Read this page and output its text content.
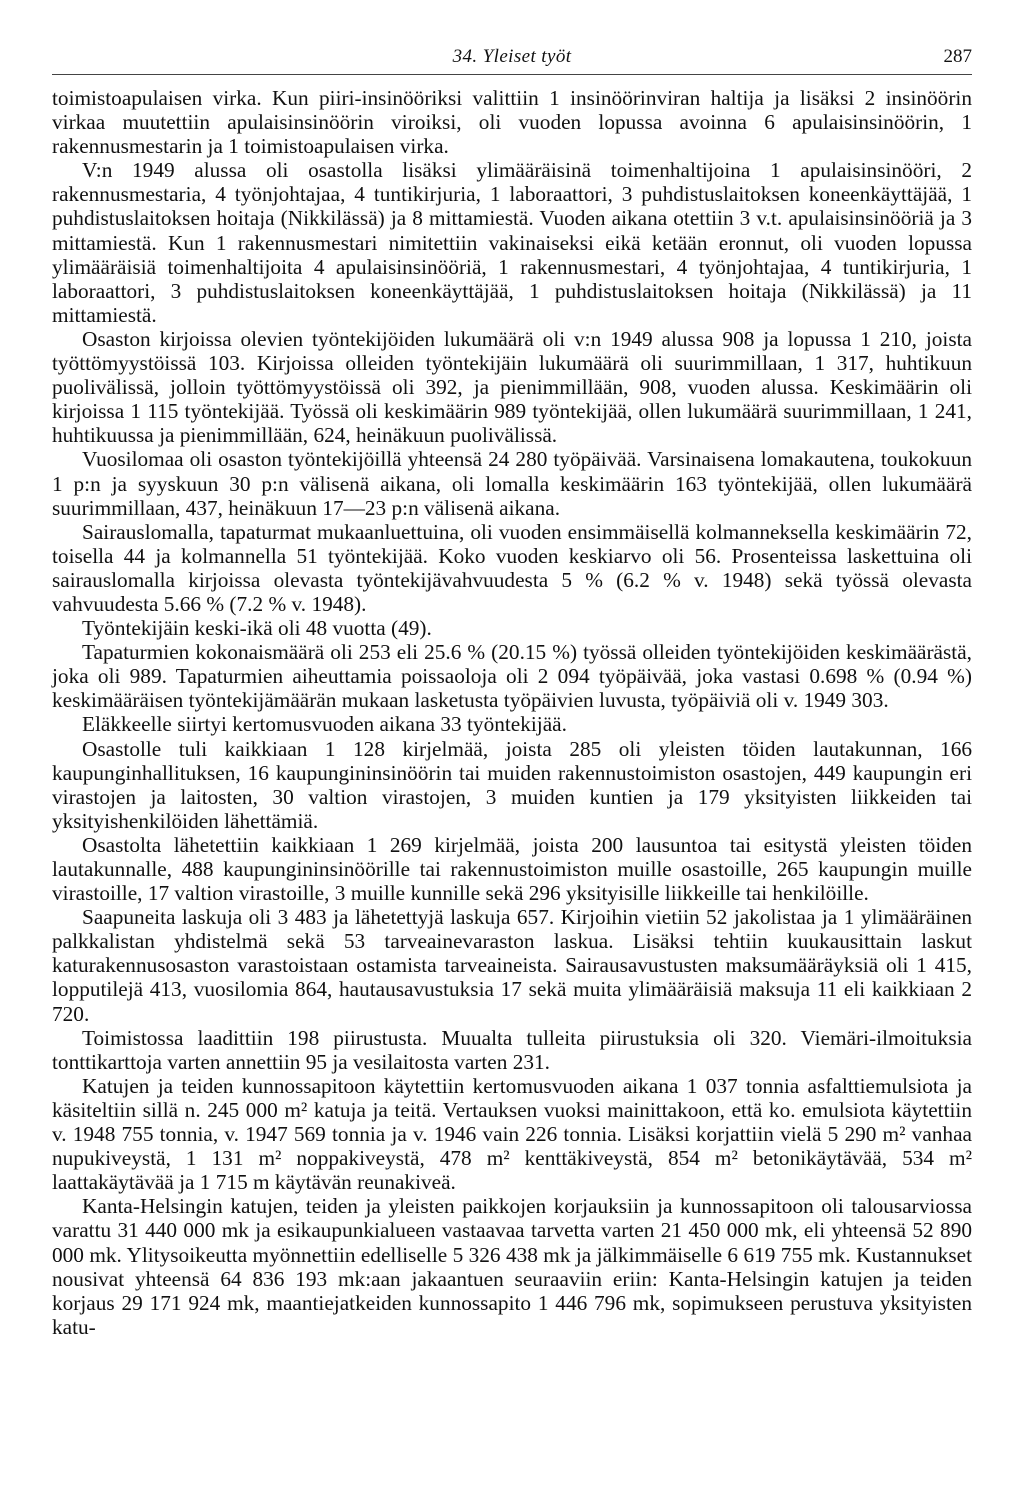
34. Yleiset työt	287

toimistoapulaisen virka. Kun piiri-insinööriksi valittiin 1 insinöörinviran haltija ja lisäksi 2 insinöörin virkaa muutettiin apulaisinsinöörin viroiksi, oli vuoden lopussa avoinna 6 apulaisinsinöörin, 1 rakennusmestarin ja 1 toimistoapulaisen virka.

V:n 1949 alussa oli osastolla lisäksi ylimääräisinä toimenhaltijoina 1 apulaisinsinööri, 2 rakennusmestaria, 4 työnjohtajaa, 4 tuntikirjuria, 1 laboraattori, 3 puhdistuslaitoksen koneenkäyttäjää, 1 puhdistuslaitoksen hoitaja (Nikkilässä) ja 8 mittamiestä. Vuoden aikana otettiin 3 v.t. apulaisinsinööriä ja 3 mittamiestä. Kun 1 rakennusmestari nimitettiin vakinaiseksi eikä ketään eronnut, oli vuoden lopussa ylimääräisiä toimenhaltijoita 4 apulaisinsinööriä, 1 rakennusmestari, 4 työnjohtajaa, 4 tuntikirjuria, 1 laboraattori, 3 puhdistuslaitoksen koneenkäyttäjää, 1 puhdistuslaitoksen hoitaja (Nikkilässä) ja 11 mittamiestä.

Osaston kirjoissa olevien työntekijöiden lukumäärä oli v:n 1949 alussa 908 ja lopussa 1 210, joista työttömyystöissä 103. Kirjoissa olleiden työntekijäin lukumäärä oli suurimmillaan, 1 317, huhtikuun puolivälissä, jolloin työttömyystöissä oli 392, ja pienimmillään, 908, vuoden alussa. Keskimäärin oli kirjoissa 1 115 työntekijää. Työssä oli keskimäärin 989 työntekijää, ollen lukumäärä suurimmillaan, 1 241, huhtikuussa ja pienimmillään, 624, heinäkuun puolivälissä.

Vuosilomaa oli osaston työntekijöillä yhteensä 24 280 työpäivää. Varsinaisena lomakautena, toukokuun 1 p:n ja syyskuun 30 p:n välisenä aikana, oli lomalla keskimäärin 163 työntekijää, ollen lukumäärä suurimmillaan, 437, heinäkuun 17—23 p:n välisenä aikana.

Sairauslomalla, tapaturmat mukaanluettuina, oli vuoden ensimmäisellä kolmanneksella keskimäärin 72, toisella 44 ja kolmannella 51 työntekijää. Koko vuoden keskiarvo oli 56. Prosenteissa laskettuina oli sairauslomalla kirjoissa olevasta työntekijävahvuudesta 5 % (6.2 % v. 1948) sekä työssä olevasta vahvuudesta 5.66 % (7.2 % v. 1948).

Työntekijäin keski-ikä oli 48 vuotta (49).

Tapaturmien kokonaismäärä oli 253 eli 25.6 % (20.15 %) työssä olleiden työntekijöiden keskimäärästä, joka oli 989. Tapaturmien aiheuttamia poissaoloja oli 2 094 työpäivää, joka vastasi 0.698 % (0.94 %) keskimääräisen työntekijämäärän mukaan lasketusta työpäivien luvusta, työpäiviä oli v. 1949 303.

Eläkkeelle siirtyi kertomusvuoden aikana 33 työntekijää.

Osastolle tuli kaikkiaan 1 128 kirjelmää, joista 285 oli yleisten töiden lautakunnan, 166 kaupunginhallituksen, 16 kaupungininsinöörin tai muiden rakennustoimiston osastojen, 449 kaupungin eri virastojen ja laitosten, 30 valtion virastojen, 3 muiden kuntien ja 179 yksityisten liikkeiden tai yksityishenkilöiden lähettämiä.

Osastolta lähetettiin kaikkiaan 1 269 kirjelmää, joista 200 lausuntoa tai esitystä yleisten töiden lautakunnalle, 488 kaupungininsinöörille tai rakennustoimiston muille osastoille, 265 kaupungin muille virastoille, 17 valtion virastoille, 3 muille kunnille sekä 296 yksityisille liikkeille tai henkilöille.

Saapuneita laskuja oli 3 483 ja lähetettyjä laskuja 657. Kirjoihin vietiin 52 jakolistaa ja 1 ylimääräinen palkkalistan yhdistelmä sekä 53 tarveainevaraston laskua. Lisäksi tehtiin kuukausittain laskut katurakennusosaston varastoistaan ostamista tarveaineista. Sairausavustusten maksumääräyksiä oli 1 415, lopputilejä 413, vuosilomia 864, hautausavustuksia 17 sekä muita ylimääräisiä maksuja 11 eli kaikkiaan 2 720.

Toimistossa laadittiin 198 piirustusta. Muualta tulleita piirustuksia oli 320. Viemäri-ilmoituksia tonttikarttoja varten annettiin 95 ja vesilaitosta varten 231.

Katujen ja teiden kunnossapitoon käytettiin kertomusvuoden aikana 1 037 tonnia asfalttiemulsiota ja käsiteltiin sillä n. 245 000 m² katuja ja teitä. Vertauksen vuoksi mainittakoon, että ko. emulsiota käytettiin v. 1948 755 tonnia, v. 1947 569 tonnia ja v. 1946 vain 226 tonnia. Lisäksi korjattiin vielä 5 290 m² vanhaa nupukiveystä, 1 131 m² noppakiveystä, 478 m² kenttäkiveystä, 854 m² betonikäytävää, 534 m² laattakäytävää ja 1 715 m käytävän reunakiveä.

Kanta-Helsingin katujen, teiden ja yleisten paikkojen korjauksiin ja kunnossapitoon oli talousarviossa varattu 31 440 000 mk ja esikaupunkialueen vastaavaa tarvetta varten 21 450 000 mk, eli yhteensä 52 890 000 mk. Ylitysoikeutta myönnettiin edelliselle 5 326 438 mk ja jälkimmäiselle 6 619 755 mk. Kustannukset nousivat yhteensä 64 836 193 mk:aan jakaantuen seuraaviin eriin: Kanta-Helsingin katujen ja teiden korjaus 29 171 924 mk, maantiejatkeiden kunnossapito 1 446 796 mk, sopimukseen perustuva yksityisten katu-
